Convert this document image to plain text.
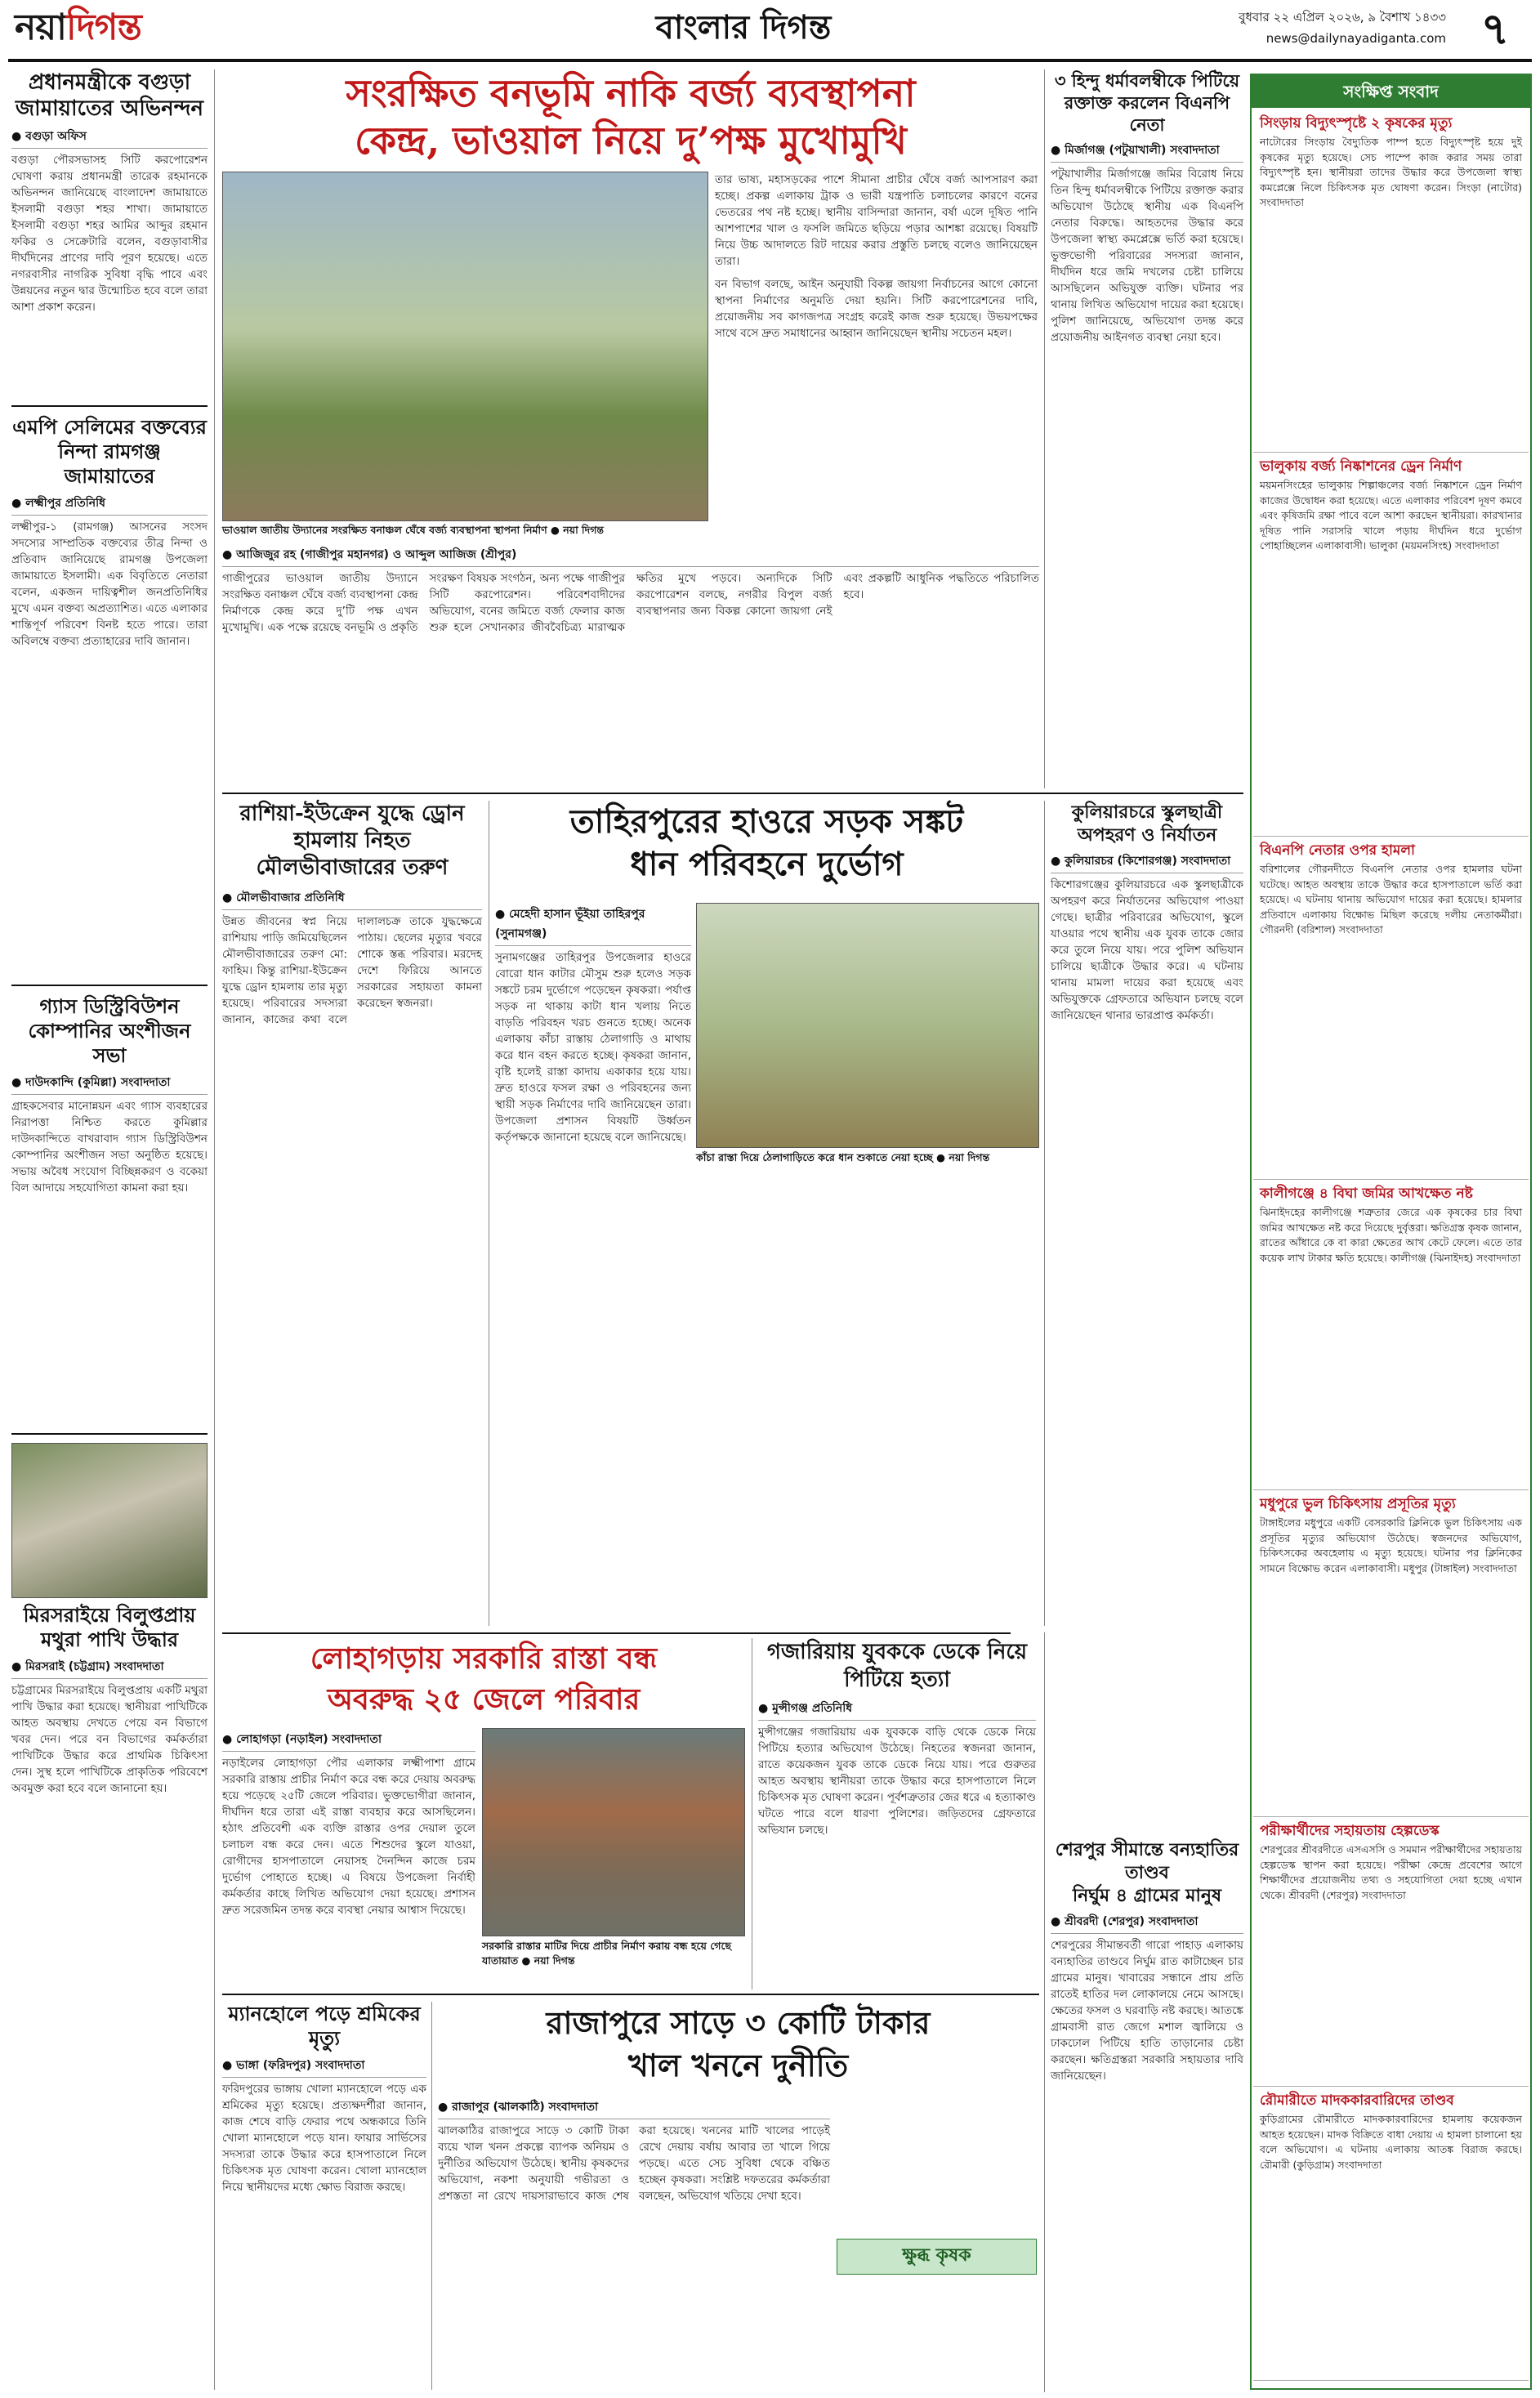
নয়াদিগন্ত	বাংলার দিগন্ত	বুধবার ২২ এপ্রিল ২০২৬, ৯ বৈশাখ ১৪৩৩
news@dailynayadiganta.com ৭
প্রধানমন্ত্রীকে বগুড়া জামায়াতের অভিনন্দন
● বগুড়া অফিস
বগুড়া পৌরসভাসহ সিটি করপোরেশন ঘোষণা করায় প্রধানমন্ত্রী তারেক রহমানকে অভিনন্দন জানিয়েছে বাংলাদেশ জামায়াতে ইসলামী বগুড়া শহর শাখা। জামায়াতে ইসলামী বগুড়া শহর আমির আব্দুর রহমান ফকির ও সেক্রেটারি বলেন, বগুড়াবাসীর দীর্ঘদিনের প্রাণের দাবি পূরণ হয়েছে। এতে নগরবাসীর নাগরিক সুবিধা বৃদ্ধি পাবে এবং উন্নয়নের নতুন দ্বার উন্মোচিত হবে বলে তারা আশা প্রকাশ করেন।
এমপি সেলিমের বক্তব্যের নিন্দা রামগঞ্জ জামায়াতের
● লক্ষ্মীপুর প্রতিনিধি
লক্ষ্মীপুর-১ (রামগঞ্জ) আসনের সংসদ সদস্যের সাম্প্রতিক বক্তব্যের তীব্র নিন্দা ও প্রতিবাদ জানিয়েছে রামগঞ্জ উপজেলা জামায়াতে ইসলামী। এক বিবৃতিতে নেতারা বলেন, একজন দায়িত্বশীল জনপ্রতিনিধির মুখে এমন বক্তব্য অপ্রত্যাশিত। এতে এলাকার শান্তিপূর্ণ পরিবেশ বিনষ্ট হতে পারে। তারা অবিলম্বে বক্তব্য প্রত্যাহারের দাবি জানান।
গ্যাস ডিস্ট্রিবিউশন কোম্পানির অংশীজন সভা
● দাউদকান্দি (কুমিল্লা) সংবাদদাতা
গ্রাহকসেবার মানোন্নয়ন এবং গ্যাস ব্যবহারের নিরাপত্তা নিশ্চিত করতে কুমিল্লার দাউদকান্দিতে বাখরাবাদ গ্যাস ডিস্ট্রিবিউশন কোম্পানির অংশীজন সভা অনুষ্ঠিত হয়েছে। সভায় অবৈধ সংযোগ বিচ্ছিন্নকরণ ও বকেয়া বিল আদায়ে সহযোগিতা কামনা করা হয়।
মিরসরাইয়ে বিলুপ্তপ্রায় মথুরা পাখি উদ্ধার
● মিরসরাই (চট্টগ্রাম) সংবাদদাতা
চট্টগ্রামের মিরসরাইয়ে বিলুপ্তপ্রায় একটি মথুরা পাখি উদ্ধার করা হয়েছে। স্থানীয়রা পাখিটিকে আহত অবস্থায় দেখতে পেয়ে বন বিভাগে খবর দেন। পরে বন বিভাগের কর্মকর্তারা পাখিটিকে উদ্ধার করে প্রাথমিক চিকিৎসা দেন। সুস্থ হলে পাখিটিকে প্রাকৃতিক পরিবেশে অবমুক্ত করা হবে বলে জানানো হয়।
সংরক্ষিত বনভূমি নাকি বর্জ্য ব্যবস্থাপনা
কেন্দ্র, ভাওয়াল নিয়ে দু’পক্ষ মুখোমুখি
ভাওয়াল জাতীয় উদ্যানের সংরক্ষিত বনাঞ্চল ঘেঁষে বর্জ্য ব্যবস্থাপনা স্থাপনা নির্মাণ ● নয়া দিগন্ত
তার ভাষ্য, মহাসড়কের পাশে সীমানা প্রাচীর ঘেঁষে বর্জ্য আপসারণ করা হচ্ছে। প্রকল্প এলাকায় ট্রাক ও ভারী যন্ত্রপাতি চলাচলের কারণে বনের ভেতরের পথ নষ্ট হচ্ছে। স্থানীয় বাসিন্দারা জানান, বর্ষা এলে দূষিত পানি আশপাশের খাল ও ফসলি জমিতে ছড়িয়ে পড়ার আশঙ্কা রয়েছে। বিষয়টি নিয়ে উচ্চ আদালতে রিট দায়ের করার প্রস্তুতি চলছে বলেও জানিয়েছেন তারা।
বন বিভাগ বলছে, আইন অনুযায়ী বিকল্প জায়গা নির্বাচনের আগে কোনো স্থাপনা নির্মাণের অনুমতি দেয়া হয়নি। সিটি করপোরেশনের দাবি, প্রয়োজনীয় সব কাগজপত্র সংগ্রহ করেই কাজ শুরু হয়েছে। উভয়পক্ষের সাথে বসে দ্রুত সমাধানের আহ্বান জানিয়েছেন স্থানীয় সচেতন মহল।
● আজিজুর রহ (গাজীপুর মহানগর) ও আব্দুল আজিজ (শ্রীপুর)
গাজীপুরের ভাওয়াল জাতীয় উদ্যানে সংরক্ষিত বনাঞ্চল ঘেঁষে বর্জ্য ব্যবস্থাপনা কেন্দ্র নির্মাণকে কেন্দ্র করে দু’টি পক্ষ এখন মুখোমুখি। এক পক্ষে রয়েছে বনভূমি ও প্রকৃতি সংরক্ষণ বিষয়ক সংগঠন, অন্য পক্ষে গাজীপুর সিটি করপোরেশন। পরিবেশবাদীদের অভিযোগ, বনের জমিতে বর্জ্য ফেলার কাজ শুরু হলে সেখানকার জীববৈচিত্র্য মারাত্মক ক্ষতির মুখে পড়বে। অন্যদিকে সিটি করপোরেশন বলছে, নগরীর বিপুল বর্জ্য ব্যবস্থাপনার জন্য বিকল্প কোনো জায়গা নেই এবং প্রকল্পটি আধুনিক পদ্ধতিতে পরিচালিত হবে।
৩ হিন্দু ধর্মাবলম্বীকে পিটিয়ে রক্তাক্ত করলেন বিএনপি নেতা
● মির্জাগঞ্জ (পটুয়াখালী) সংবাদদাতা
পটুয়াখালীর মির্জাগঞ্জে জমির বিরোধ নিয়ে তিন হিন্দু ধর্মাবলম্বীকে পিটিয়ে রক্তাক্ত করার অভিযোগ উঠেছে স্থানীয় এক বিএনপি নেতার বিরুদ্ধে। আহতদের উদ্ধার করে উপজেলা স্বাস্থ্য কমপ্লেক্সে ভর্তি করা হয়েছে। ভুক্তভোগী পরিবারের সদস্যরা জানান, দীর্ঘদিন ধরে জমি দখলের চেষ্টা চালিয়ে আসছিলেন অভিযুক্ত ব্যক্তি। ঘটনার পর থানায় লিখিত অভিযোগ দায়ের করা হয়েছে। পুলিশ জানিয়েছে, অভিযোগ তদন্ত করে প্রয়োজনীয় আইনগত ব্যবস্থা নেয়া হবে।
রাশিয়া-ইউক্রেন যুদ্ধে ড্রোন হামলায় নিহত মৌলভীবাজারের তরুণ
● মৌলভীবাজার প্রতিনিধি
উন্নত জীবনের স্বপ্ন নিয়ে রাশিয়ায় পাড়ি জমিয়েছিলেন মৌলভীবাজারের তরুণ মো: ফাহিম। কিন্তু রাশিয়া-ইউক্রেন যুদ্ধে ড্রোন হামলায় তার মৃত্যু হয়েছে। পরিবারের সদস্যরা জানান, কাজের কথা বলে দালালচক্র তাকে যুদ্ধক্ষেত্রে পাঠায়। ছেলের মৃত্যুর খবরে শোকে স্তব্ধ পরিবার। মরদেহ দেশে ফিরিয়ে আনতে সরকারের সহায়তা কামনা করেছেন স্বজনরা।
তাহিরপুরের হাওরে সড়ক সঙ্কট
ধান পরিবহনে দুর্ভোগ
● মেহেদী হাসান ভূঁইয়া তাহিরপুর (সুনামগঞ্জ)
সুনামগঞ্জের তাহিরপুর উপজেলার হাওরে বোরো ধান কাটার মৌসুম শুরু হলেও সড়ক সঙ্কটে চরম দুর্ভোগে পড়েছেন কৃষকরা। পর্যাপ্ত সড়ক না থাকায় কাটা ধান খলায় নিতে বাড়তি পরিবহন খরচ গুনতে হচ্ছে। অনেক এলাকায় কাঁচা রাস্তায় ঠেলাগাড়ি ও মাথায় করে ধান বহন করতে হচ্ছে। কৃষকরা জানান, বৃষ্টি হলেই রাস্তা কাদায় একাকার হয়ে যায়। দ্রুত হাওরে ফসল রক্ষা ও পরিবহনের জন্য স্থায়ী সড়ক নির্মাণের দাবি জানিয়েছেন তারা। উপজেলা প্রশাসন বিষয়টি উর্ধ্বতন কর্তৃপক্ষকে জানানো হয়েছে বলে জানিয়েছে।
কাঁচা রাস্তা দিয়ে ঠেলাগাড়িতে করে ধান শুকাতে নেয়া হচ্ছে ● নয়া দিগন্ত
কুলিয়ারচরে স্কুলছাত্রী অপহরণ ও নির্যাতন
● কুলিয়ারচর (কিশোরগঞ্জ) সংবাদদাতা
কিশোরগঞ্জের কুলিয়ারচরে এক স্কুলছাত্রীকে অপহরণ করে নির্যাতনের অভিযোগ পাওয়া গেছে। ছাত্রীর পরিবারের অভিযোগ, স্কুলে যাওয়ার পথে স্থানীয় এক যুবক তাকে জোর করে তুলে নিয়ে যায়। পরে পুলিশ অভিযান চালিয়ে ছাত্রীকে উদ্ধার করে। এ ঘটনায় থানায় মামলা দায়ের করা হয়েছে এবং অভিযুক্তকে গ্রেফতারে অভিযান চলছে বলে জানিয়েছেন থানার ভারপ্রাপ্ত কর্মকর্তা।
লোহাগড়ায় সরকারি রাস্তা বন্ধ
অবরুদ্ধ ২৫ জেলে পরিবার
● লোহাগড়া (নড়াইল) সংবাদদাতা
নড়াইলের লোহাগড়া পৌর এলাকার লক্ষ্মীপাশা গ্রামে সরকারি রাস্তায় প্রাচীর নির্মাণ করে বন্ধ করে দেয়ায় অবরুদ্ধ হয়ে পড়েছে ২৫টি জেলে পরিবার। ভুক্তভোগীরা জানান, দীর্ঘদিন ধরে তারা এই রাস্তা ব্যবহার করে আসছিলেন। হঠাৎ প্রতিবেশী এক ব্যক্তি রাস্তার ওপর দেয়াল তুলে চলাচল বন্ধ করে দেন। এতে শিশুদের স্কুলে যাওয়া, রোগীদের হাসপাতালে নেয়াসহ দৈনন্দিন কাজে চরম দুর্ভোগ পোহাতে হচ্ছে। এ বিষয়ে উপজেলা নির্বাহী কর্মকর্তার কাছে লিখিত অভিযোগ দেয়া হয়েছে। প্রশাসন দ্রুত সরেজমিন তদন্ত করে ব্যবস্থা নেয়ার আশ্বাস দিয়েছে।
সরকারি রাস্তার মাটির দিয়ে প্রাচীর নির্মাণ করায় বন্ধ হয়ে গেছে যাতায়াত ● নয়া দিগন্ত
গজারিয়ায় যুবককে ডেকে নিয়ে পিটিয়ে হত্যা
● মুন্সীগঞ্জ প্রতিনিধি
মুন্সীগঞ্জের গজারিয়ায় এক যুবককে বাড়ি থেকে ডেকে নিয়ে পিটিয়ে হত্যার অভিযোগ উঠেছে। নিহতের স্বজনরা জানান, রাতে কয়েকজন যুবক তাকে ডেকে নিয়ে যায়। পরে গুরুতর আহত অবস্থায় স্থানীয়রা তাকে উদ্ধার করে হাসপাতালে নিলে চিকিৎসক মৃত ঘোষণা করেন। পূর্বশত্রুতার জের ধরে এ হত্যাকাণ্ড ঘটতে পারে বলে ধারণা পুলিশের। জড়িতদের গ্রেফতারে অভিযান চলছে।
শেরপুর সীমান্তে বন্যহাতির তাণ্ডব
নির্ঘুম ৪ গ্রামের মানুষ
● শ্রীবরদী (শেরপুর) সংবাদদাতা
শেরপুরের সীমান্তবর্তী গারো পাহাড় এলাকায় বন্যহাতির তাণ্ডবে নির্ঘুম রাত কাটাচ্ছেন চার গ্রামের মানুষ। খাবারের সন্ধানে প্রায় প্রতি রাতেই হাতির দল লোকালয়ে নেমে আসছে। ক্ষেতের ফসল ও ঘরবাড়ি নষ্ট করছে। আতঙ্কে গ্রামবাসী রাত জেগে মশাল জ্বালিয়ে ও ঢাকঢোল পিটিয়ে হাতি তাড়ানোর চেষ্টা করছেন। ক্ষতিগ্রস্তরা সরকারি সহায়তার দাবি জানিয়েছেন।
ম্যানহোলে পড়ে শ্রমিকের মৃত্যু
● ভাঙ্গা (ফরিদপুর) সংবাদদাতা
ফরিদপুরের ভাঙ্গায় খোলা ম্যানহোলে পড়ে এক শ্রমিকের মৃত্যু হয়েছে। প্রত্যক্ষদর্শীরা জানান, কাজ শেষে বাড়ি ফেরার পথে অন্ধকারে তিনি খোলা ম্যানহোলে পড়ে যান। ফায়ার সার্ভিসের সদস্যরা তাকে উদ্ধার করে হাসপাতালে নিলে চিকিৎসক মৃত ঘোষণা করেন। খোলা ম্যানহোল নিয়ে স্থানীয়দের মধ্যে ক্ষোভ বিরাজ করছে।
রাজাপুরে সাড়ে ৩ কোটি টাকার
খাল খননে দুনীতি
● রাজাপুর (ঝালকাঠি) সংবাদদাতা
ঝালকাঠির রাজাপুরে সাড়ে ৩ কোটি টাকা ব্যয়ে খাল খনন প্রকল্পে ব্যাপক অনিয়ম ও দুর্নীতির অভিযোগ উঠেছে। স্থানীয় কৃষকদের অভিযোগ, নকশা অনুযায়ী গভীরতা ও প্রশস্ততা না রেখে দায়সারাভাবে কাজ শেষ করা হয়েছে। খননের মাটি খালের পাড়েই রেখে দেয়ায় বর্ষায় আবার তা খালে গিয়ে পড়ছে। এতে সেচ সুবিধা থেকে বঞ্চিত হচ্ছেন কৃষকরা। সংশ্লিষ্ট দফতরের কর্মকর্তারা বলছেন, অভিযোগ খতিয়ে দেখা হবে।
ক্ষুব্ধ কৃষক
সংক্ষিপ্ত সংবাদ
সিংড়ায় বিদ্যুৎস্পৃষ্টে ২ কৃষকের মৃত্যু
নাটোরের সিংড়ায় বৈদ্যুতিক পাম্প হতে বিদ্যুৎস্পৃষ্ট হয়ে দুই কৃষকের মৃত্যু হয়েছে। সেচ পাম্পে কাজ করার সময় তারা বিদ্যুৎস্পৃষ্ট হন। স্থানীয়রা তাদের উদ্ধার করে উপজেলা স্বাস্থ্য কমপ্লেক্সে নিলে চিকিৎসক মৃত ঘোষণা করেন। সিংড়া (নাটোর) সংবাদদাতা
ভালুকায় বর্জ্য নিষ্কাশনের ড্রেন নির্মাণ
ময়মনসিংহের ভালুকায় শিল্পাঞ্চলের বর্জ্য নিষ্কাশনে ড্রেন নির্মাণ কাজের উদ্বোধন করা হয়েছে। এতে এলাকার পরিবেশ দূষণ কমবে এবং কৃষিজমি রক্ষা পাবে বলে আশা করছেন স্থানীয়রা। কারখানার দূষিত পানি সরাসরি খালে পড়ায় দীর্ঘদিন ধরে দুর্ভোগ পোহাচ্ছিলেন এলাকাবাসী। ভালুকা (ময়মনসিংহ) সংবাদদাতা
বিএনপি নেতার ওপর হামলা
বরিশালের গৌরনদীতে বিএনপি নেতার ওপর হামলার ঘটনা ঘটেছে। আহত অবস্থায় তাকে উদ্ধার করে হাসপাতালে ভর্তি করা হয়েছে। এ ঘটনায় থানায় অভিযোগ দায়ের করা হয়েছে। হামলার প্রতিবাদে এলাকায় বিক্ষোভ মিছিল করেছে দলীয় নেতাকর্মীরা। গৌরনদী (বরিশাল) সংবাদদাতা
কালীগঞ্জে ৪ বিঘা জমির আখক্ষেত নষ্ট
ঝিনাইদহের কালীগঞ্জে শত্রুতার জেরে এক কৃষকের চার বিঘা জমির আখক্ষেত নষ্ট করে দিয়েছে দুর্বৃত্তরা। ক্ষতিগ্রস্ত কৃষক জানান, রাতের আঁধারে কে বা কারা ক্ষেতের আখ কেটে ফেলে। এতে তার কয়েক লাখ টাকার ক্ষতি হয়েছে। কালীগঞ্জ (ঝিনাইদহ) সংবাদদাতা
মধুপুরে ভুল চিকিৎসায় প্রসূতির মৃত্যু
টাঙ্গাইলের মধুপুরে একটি বেসরকারি ক্লিনিকে ভুল চিকিৎসায় এক প্রসূতির মৃত্যুর অভিযোগ উঠেছে। স্বজনদের অভিযোগ, চিকিৎসকের অবহেলায় এ মৃত্যু হয়েছে। ঘটনার পর ক্লিনিকের সামনে বিক্ষোভ করেন এলাকাবাসী। মধুপুর (টাঙ্গাইল) সংবাদদাতা
পরীক্ষার্থীদের সহায়তায় হেল্পডেস্ক
শেরপুরের শ্রীবরদীতে এসএসসি ও সমমান পরীক্ষার্থীদের সহায়তায় হেল্পডেস্ক স্থাপন করা হয়েছে। পরীক্ষা কেন্দ্রে প্রবেশের আগে শিক্ষার্থীদের প্রয়োজনীয় তথ্য ও সহযোগিতা দেয়া হচ্ছে এখান থেকে। শ্রীবরদী (শেরপুর) সংবাদদাতা
রৌমারীতে মাদককারবারিদের তাণ্ডব
কুড়িগ্রামের রৌমারীতে মাদককারবারিদের হামলায় কয়েকজন আহত হয়েছেন। মাদক বিক্রিতে বাধা দেয়ায় এ হামলা চালানো হয় বলে অভিযোগ। এ ঘটনায় এলাকায় আতঙ্ক বিরাজ করছে। রৌমারী (কুড়িগ্রাম) সংবাদদাতা
